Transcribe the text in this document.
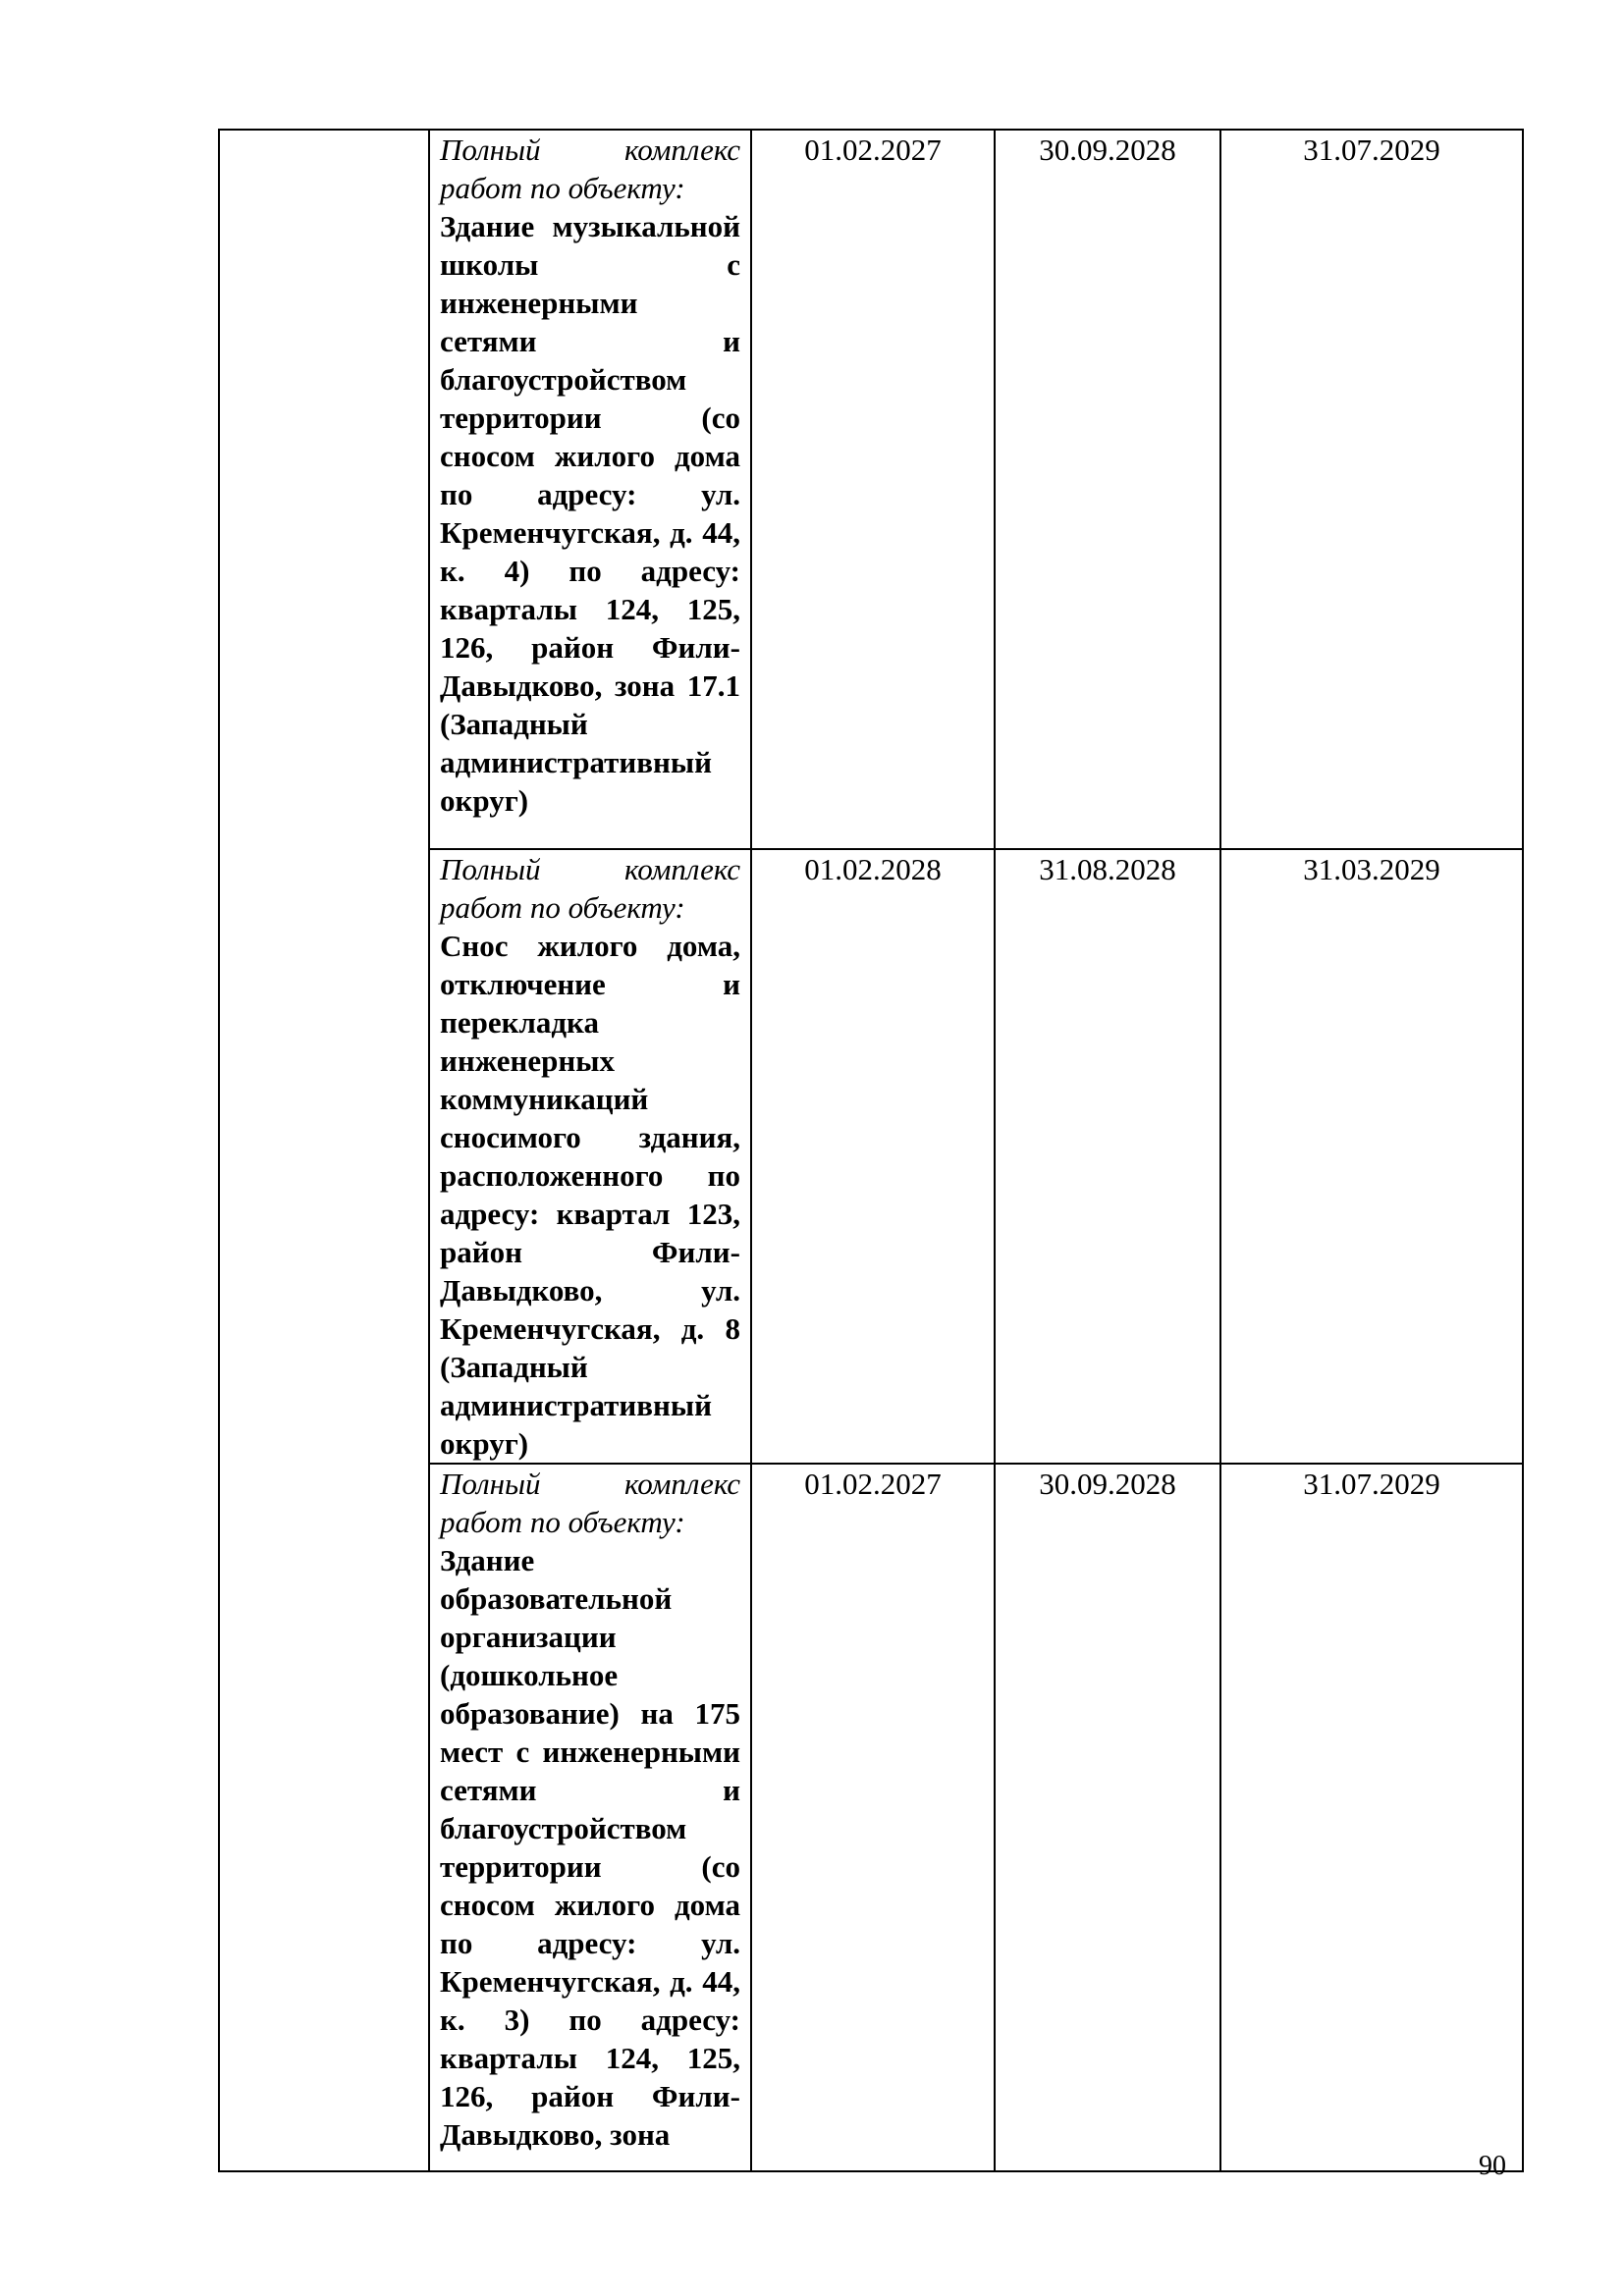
	Полный комплекс работ по объекту:
Здание музыкальной школы с инженерными сетями и благоустройством территории (со сносом жилого дома по адресу: ул. Кременчугская, д. 44, к. 4) по адресу: кварталы 124, 125, 126, район Фили-Давыдково, зона 17.1 (Западный административный округ)	01.02.2027	30.09.2028	31.07.2029

	Полный комплекс работ по объекту:
Снос жилого дома, отключение и перекладка инженерных коммуникаций сносимого здания, расположенного по адресу: квартал 123, район Фили-Давыдково, ул. Кременчугская, д. 8 (Западный административный округ)	01.02.2028	31.08.2028	31.03.2029

	Полный комплекс работ по объекту:
Здание образовательной организации (дошкольное образование) на 175 мест с инженерными сетями и благоустройством территории (со сносом жилого дома по адресу: ул. Кременчугская, д. 44, к. 3) по адресу: кварталы 124, 125, 126, район Фили-Давыдково, зона	01.02.2027	30.09.2028	31.07.2029
90
